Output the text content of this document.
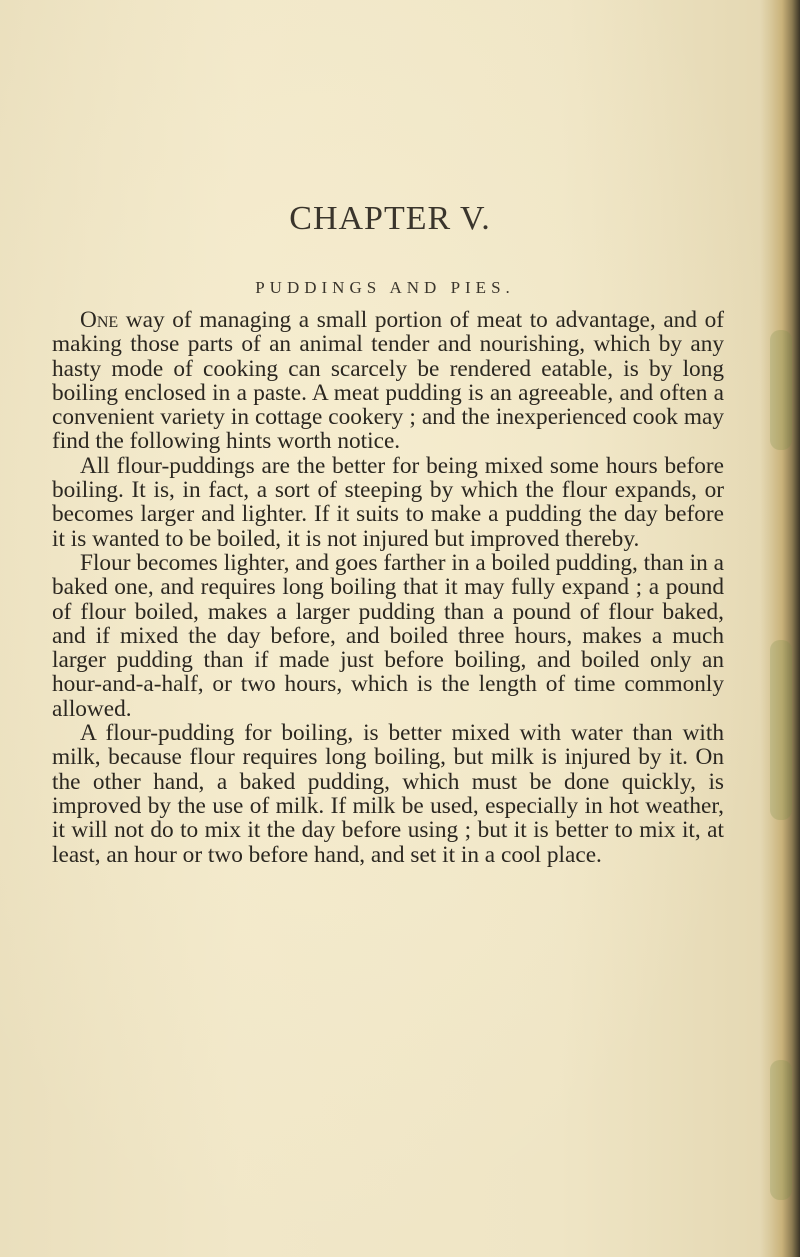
CHAPTER V.
PUDDINGS AND PIES.

One way of managing a small portion of meat to advantage, and of making those parts of an animal tender and nourishing, which by any hasty mode of cooking can scarcely be rendered eatable, is by long boiling enclosed in a paste. A meat pudding is an agreeable, and often a convenient variety in cottage cookery ; and the inexperienced cook may find the following hints worth notice.

All flour-puddings are the better for being mixed some hours before boiling. It is, in fact, a sort of steeping by which the flour expands, or becomes larger and lighter. If it suits to make a pudding the day before it is wanted to be boiled, it is not injured but improved thereby.

Flour becomes lighter, and goes farther in a boiled pudding, than in a baked one, and requires long boiling that it may fully expand ; a pound of flour boiled, makes a larger pudding than a pound of flour baked, and if mixed the day before, and boiled three hours, makes a much larger pudding than if made just before boiling, and boiled only an hour-and-a-half, or two hours, which is the length of time commonly allowed.

A flour-pudding for boiling, is better mixed with water than with milk, because flour requires long boiling, but milk is injured by it. On the other hand, a baked pudding, which must be done quickly, is improved by the use of milk. If milk be used, especially in hot weather, it will not do to mix it the day before using ; but it is better to mix it, at least, an hour or two before hand, and set it in a cool place.
